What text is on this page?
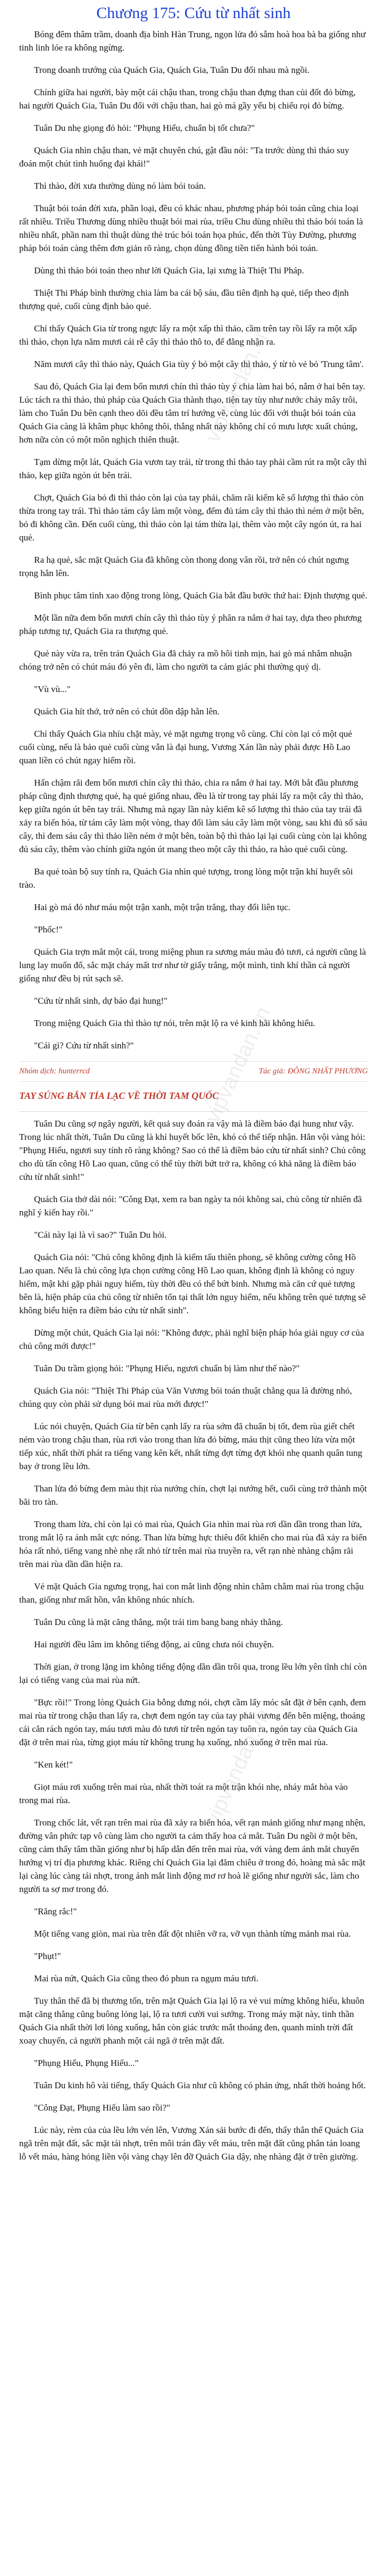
vipvandan.vn
vipvandan.vn
vipvandan.vn
Chương 175: Cứu từ nhất sinh

Bóng đêm thâm trầm, doanh địa bình Hàn Trung, ngọn lửa đỏ sẫm hoà hoa bà ba giống như tinh linh lóe ra không ngừng.

Trong doanh trướng của Quách Gia, Quách Gia, Tuân Du đối nhau mà ngồi.

Chính giữa hai người, bày một cái chậu than, trong chậu than đựng than củi đốt đỏ bừng, hai người Quách Gia, Tuân Du đối với chậu than, hai gò má gầy yếu bị chiếu rọi đỏ bừng.

Tuân Du nhẹ giọng đỏ hỏi: "Phụng Hiếu, chuẩn bị tốt chưa?"

Quách Gia nhìn chậu than, vẻ mặt chuyên chú, gật đầu nói: "Ta trước dùng thì tháo suy đoán một chút tình huống đại khái!"

Thì thào, đời xưa thường dùng nó làm bói toán.

Thuật bói toán đời xưa, phần loại, đều có khác nhau, phương pháp bói toán cũng chia loại rất nhiều. Triều Thương dùng nhiều thuật bói mai rùa, triều Chu dùng nhiều thì tháo bói toán là nhiều nhất, phần nam thì thuật dùng thẻ trúc bói toán họa phúc, đến thời Tùy Đường, phương pháp bói toán càng thêm đơn giản rõ ràng, chọn dùng đồng tiền tiến hành bói toán.

Dùng thì thảo bói toán theo như lời Quách Gia, lại xưng là Thiệt Thi Pháp.

Thiệt Thi Pháp bình thường chia làm ba cái bộ sáu, đầu tiên định hạ quẻ, tiếp theo định thượng quẻ, cuối cùng định bảo quẻ.

Chỉ thấy Quách Gia từ trong ngực lấy ra một xấp thì thảo, cầm trên tay rồi lấy ra một xấp thì thảo, chọn lựa năm mươi cái rễ cây thì thảo thô to, để đằng nhận ra.

Năm mươi cây thì thảo này, Quách Gia tùy ý bỏ một cây thì thảo, ý từ tò vẻ bỏ 'Trung tâm'.

Sau đó, Quách Gia lại đem bốn mươi chín thì thảo tùy ý chia làm hai bó, nắm ở hai bên tay. Lúc tách ra thì thảo, thủ pháp của Quách Gia thành thạo, tiện tay tùy như nước chảy mây trôi, làm cho Tuân Du bên cạnh theo dõi đều tâm trí hướng về, cùng lúc đối với thuật bói toán của Quách Gia càng là khâm phục không thôi, thắng nhất này không chỉ có mưu lược xuất chúng, hơn nữa còn có một môn nghịch thiên thuật.

Tạm dừng một lát, Quách Gia vươn tay trái, từ trong thì thảo tay phải cầm rút ra một cây thì thảo, kẹp giữa ngón út bên trái.

Chợt, Quách Gia bỏ đi thì thảo còn lại của tay phải, chăm rãi kiểm kê số lượng thì thảo còn thừa trong tay trái. Thì thảo tám cây làm một vòng, đếm đủ tám cây thì thảo thì ném ở một bên, bỏ đi không cần. Đến cuối cùng, thì thảo còn lại tám thừa lại, thêm vào một cây ngón út, ra hai quẻ.

Ra hạ quẻ, sắc mặt Quách Gia đã không còn thong dong vân rồi, trở nên có chút ngưng trọng hẳn lên.

Bình phục tâm tình xao động trong lòng, Quách Gia bắt đầu bước thứ hai: Định thượng quẻ.

Một lần nữa đem bốn mươi chín cây thì thảo tùy ý phân ra nắm ở hai tay, dựa theo phương pháp tương tự, Quách Gia ra thượng quẻ.

Quẻ này vừa ra, trên trán Quách Gia đã chảy ra mồ hôi tinh mịn, hai gò má nhắm nhuận chóng trở nên có chút máu đỏ yên đi, làm cho người ta cảm giác phi thường quỷ dị.

"Vù vù..."

Quách Gia hít thở, trở nên có chút dồn dập hẳn lên.

Chỉ thấy Quách Gia nhíu chặt mày, vẻ mặt ngưng trọng vô cùng. Chỉ còn lại có một quẻ cuối cùng, nếu là bảo quẻ cuối cùng vẫn là đại hung, Vương Xán lần này phải được Hồ Lao quan liền có chút ngay hiểm rồi.

Hấn chậm rãi đem bốn mươi chín cây thì thảo, chia ra nắm ở hai tay. Mới bắt đầu phương pháp cũng định thượng quẻ, hạ quẻ giống nhau, đều là từ trong tay phải lấy ra một cây thì thảo, kẹp giữa ngón út bên tay trái. Nhưng mà ngay lần này kiểm kê số lượng thì thảo của tay trái đã xảy ra biến hóa, từ tám cây làm một vòng, thay đổi làm sáu cây làm một vòng, sau khi đủ số sáu cây, thì đem sáu cây thì thảo liền ném ở một bên, toàn bộ thì thảo lại lại cuối cùng còn lại không đủ sáu cây, thêm vào chính giữa ngón út mang theo một cây thì thảo, ra hào quẻ cuối cùng.

Ba quẻ toàn bộ suy tính ra, Quách Gia nhìn quẻ tượng, trong lòng một trận khí huyết sôi trào.

Hai gò má đỏ như máu một trận xanh, một trận trắng, thay đổi liên tục.

"Phốc!"

Quách Gia trợn mắt một cái, trong miệng phun ra sương máu màu đỏ tươi, cả người cũng là lung lay muốn đổ, sắc mặt cháy mất trơ như tờ giấy trắng, một mình, tinh khí thần cả người giống như đều bị rút sạch sẽ.

"Cứu từ nhất sinh, dự báo đại hung!"

Trong miệng Quách Gia thì thào tự nói, trên mặt lộ ra vẻ kinh hãi không hiểu.

"Cái gì? Cứu từ nhất sinh?"

Nhóm dịch: hunterrcd	Tác giả: ĐÔNG NHẤT PHƯƠNG
TAY SÚNG BẮN TỈA LẠC VỀ THỜI TAM QUỐC

Tuân Du cũng sợ ngây người, kết quả suy đoán ra vậy mà là điềm báo đại hung như vậy. Trong lúc nhất thời, Tuân Du cũng là khí huyết bốc lên, khó có thể tiếp nhận. Hắn vội vàng hỏi: "Phụng Hiếu, ngươi suy tính rõ ràng không? Sao có thể là điềm báo cứu từ nhất sinh? Chủ công cho dù tấn công Hồ Lao quan, cũng có thể tùy thời bứt trở ra, không có khả năng là điềm báo cứu từ nhất sinh!"

Quách Gia thở dài nói: "Công Đạt, xem ra ban ngày ta nói không sai, chủ công từ nhiên đã nghĩ ý kiến hay rồi."

"Cái này lại là vì sao?" Tuân Du hỏi.

Quách Gia nói: "Chủ công không định là kiếm tấu thiên phong, sẽ không cường công Hồ Lao quan. Nếu là chủ công lựa chọn cường công Hồ Lao quan, không định là không có nguy hiểm, mật khi gặp phải nguy hiểm, tùy thời đều có thể bứt binh. Nhưng mà căn cứ quẻ tượng bên là, hiện pháp của chủ công từ nhiên tốn tại thất lớn nguy hiểm, nếu không trên quẻ tượng sẽ không biểu hiện ra điềm báo cứu từ nhất sinh".

Dừng một chút, Quách Gia lại nói: "Không được, phải nghĩ biện pháp hóa giải nguy cơ của chủ công mới được!"

Tuân Du trầm giọng hỏi: "Phụng Hiếu, ngươi chuẩn bị làm như thế nào?"

Quách Gia nói: "Thiệt Thi Pháp của Văn Vương bói toán thuật chẳng qua là đường nhỏ, chúng quy còn phải sử dụng bói mai rùa mới được!"

Lúc nói chuyện, Quách Gia từ bên cạnh lấy ra rùa sớm đã chuẩn bị tốt, đem rùa giết chết ném vào trong chậu than, rùa rơi vào trong than lửa đỏ bừng, máu thịt cũng theo lửa vừa một tiếp xúc, nhất thời phát ra tiếng vang kên kết, nhất từng đợt từng đợt khói nhẹ quanh quân tung bay ở trong lều lớn.

Than lửa đỏ bừng đem màu thịt rùa nướng chín, chợt lại nướng hết, cuối cùng trở thành một bãi tro tàn.

Trong tham lửa, chỉ còn lại cỏ mai rùa, Quách Gia nhìn mai rùa rơi dần dần trong than lửa, trong mắt lộ ra ánh mắt cực nóng. Than lửa bừng hực thiêu đốt khiến cho mai rùa đã xảy ra biến hóa rất nhỏ, tiếng vang nhè nhẹ rất nhỏ từ trên mai rùa truyền ra, vết rạn nhè nhàng chậm rãi trên mai rùa dần dần hiện ra.

Vẻ mặt Quách Gia ngưng trọng, hai con mắt linh động nhìn chằm chằm mai rùa trong chậu than, giống như mất hồn, vẫn không nhúc nhích.

Tuân Du cũng là mặt căng thẳng, một trái tim bang bang nhảy thẳng.

Hai người đều lâm im không tiếng động, ai cũng chưa nói chuyện.

Thời gian, ở trong lặng im không tiếng động dần dần trôi qua, trong lều lớn yên tĩnh chỉ còn lại có tiếng vang của mai rùa nứt.

"Bực rồi!" Trong lòng Quách Gia bỗng dưng nói, chợt cầm lấy móc sắt đặt ở bên cạnh, đem mai rùa từ trong chậu than lấy ra, chợt đem ngón tay của tay phải vương đến bên miệng, thoáng cái cắn rách ngón tay, máu tươi màu đỏ tươi từ trên ngón tay tuôn ra, ngón tay của Quách Gia đặt ở trên mai rùa, từng giọt máu từ không trung hạ xuống, nhỏ xuống ở trên mai rùa.

"Ken két!"

Giọt máu rơi xuống trên mai rùa, nhất thời toát ra một trận khói nhẹ, nháy mắt hòa vào trong mai rùa.

Trong chốc lát, vết rạn trên mai rùa đã xảy ra biến hóa, vết rạn mảnh giống như mạng nhện, đường vân phức tạp vô cùng làm cho người ta cảm thấy hoa cả mắt. Tuân Du ngồi ở một bên, cũng cảm thấy tâm thần giống như bị hấp dẫn đến trên mai rùa, với vàng đem ánh mắt chuyển hướng vị trí địa phương khác. Riêng chỉ Quách Gia lại đăm chiêu ở trong đó, hoàng mà sắc mặt lại càng lúc càng tái nhợt, trong ánh mắt linh động mơ rơ hoà lẽ giống như người sắc, làm cho người ta sợ mơ trong đó.

"Răng rắc!"

Một tiếng vang giòn, mai rùa trên đất đột nhiên vỡ ra, vỡ vụn thành từng mảnh mai rùa.

"Phụt!"

Mai rùa nứt, Quách Gia cũng theo đó phun ra ngụm máu tươi.

Tuy thân thể đã bị thương tốn, trên mặt Quách Gia lại lộ ra vẻ vui mừng không hiểu, khuôn mặt căng thẳng cũng buông lỏng lại, lộ ra tươi cười vui sướng. Trong máy mặt này, tinh thần Quách Gia nhất thời lơi lỏng xuống, hắn còn giác trước mắt thoáng đen, quanh mình trời đất xoay chuyển, cả người phanh một cái ngã ở trên mặt đất.

"Phụng Hiếu, Phụng Hiếu..."

Tuân Du kinh hô vài tiếng, thấy Quách Gia như cũ không có phản ứng, nhất thời hoảng hốt.

"Công Đạt, Phụng Hiếu làm sao rồi?"

Lúc này, rèm của của lều lớn vén lên, Vương Xán sải bước đi đến, thấy thân thể Quách Gia ngã trên mặt đất, sắc mặt tái nhợt, trên môi trán đầy vết máu, trên mặt đất cũng phân tán loang lỗ vết máu, hàng hỏng liền vội vàng chạy lên đỡ Quách Gia dậy, nhẹ nhàng đặt ở trên giường.
